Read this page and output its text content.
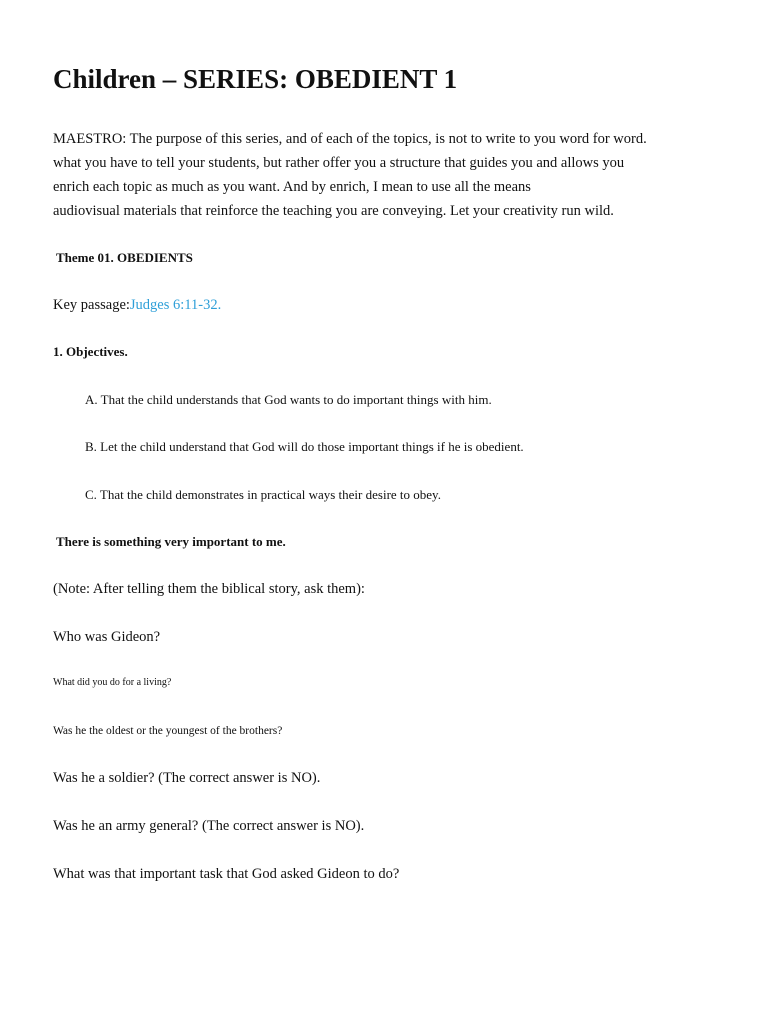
Children – SERIES: OBEDIENT 1
MAESTRO: The purpose of this series, and of each of the topics, is not to write to you word for word.
what you have to tell your students, but rather offer you a structure that guides you and allows you
enrich each topic as much as you want. And by enrich, I mean to use all the means
audiovisual materials that reinforce the teaching you are conveying. Let your creativity run wild.
Theme 01. OBEDIENTS
Key passage:Judges 6:11-32.
1. Objectives.
A. That the child understands that God wants to do important things with him.
B. Let the child understand that God will do those important things if he is obedient.
C. That the child demonstrates in practical ways their desire to obey.
There is something very important to me.
(Note: After telling them the biblical story, ask them):
Who was Gideon?
What did you do for a living?
Was he the oldest or the youngest of the brothers?
Was he a soldier? (The correct answer is NO).
Was he an army general? (The correct answer is NO).
What was that important task that God asked Gideon to do?
